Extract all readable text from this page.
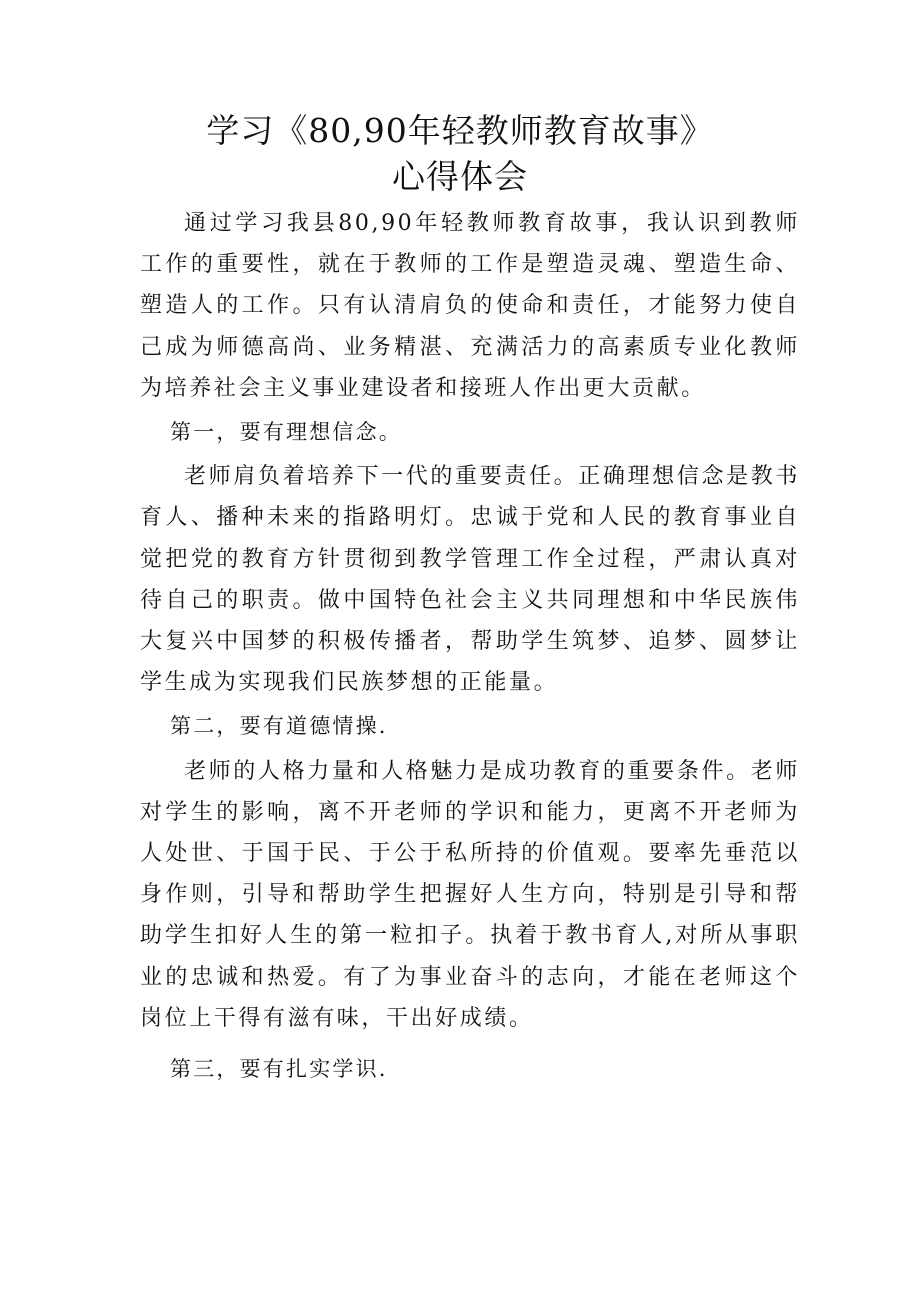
学习《80,90年轻教师教育故事》
心得体会

通过学习我县80,90年轻教师教育故事，我认识到教师工作的重要性，就在于教师的工作是塑造灵魂、塑造生命、塑造人的工作。只有认清肩负的使命和责任，才能努力使自己成为师德高尚、业务精湛、充满活力的高素质专业化教师为培养社会主义事业建设者和接班人作出更大贡献。

第一，要有理想信念。

老师肩负着培养下一代的重要责任。正确理想信念是教书育人、播种未来的指路明灯。忠诚于党和人民的教育事业自觉把党的教育方针贯彻到教学管理工作全过程，严肃认真对待自己的职责。做中国特色社会主义共同理想和中华民族伟大复兴中国梦的积极传播者，帮助学生筑梦、追梦、圆梦让学生成为实现我们民族梦想的正能量。

第二，要有道德情操.

老师的人格力量和人格魅力是成功教育的重要条件。老师对学生的影响，离不开老师的学识和能力，更离不开老师为人处世、于国于民、于公于私所持的价值观。要率先垂范以身作则，引导和帮助学生把握好人生方向，特别是引导和帮助学生扣好人生的第一粒扣子。执着于教书育人,对所从事职业的忠诚和热爱。有了为事业奋斗的志向，才能在老师这个岗位上干得有滋有味，干出好成绩。

第三，要有扎实学识.
